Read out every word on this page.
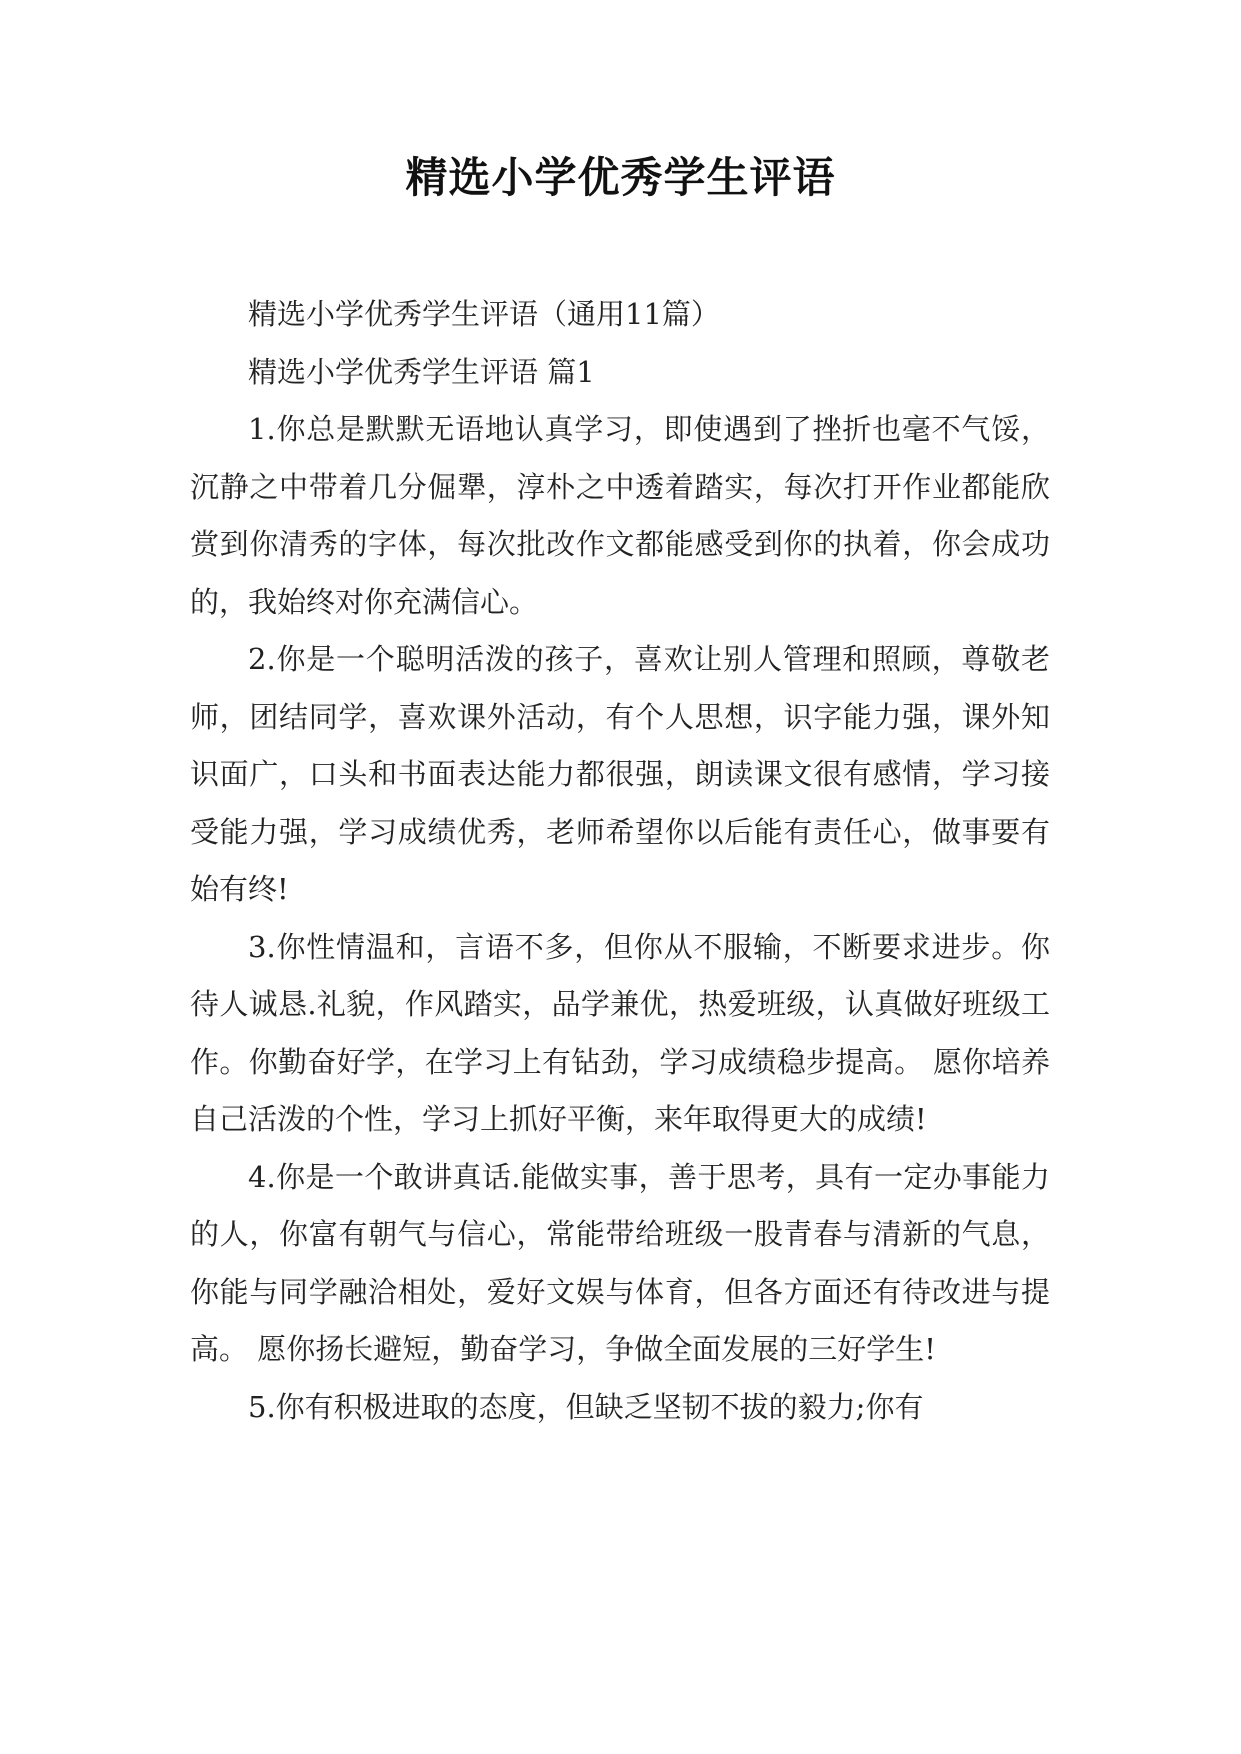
精选小学优秀学生评语

精选小学优秀学生评语（通用11篇）

精选小学优秀学生评语 篇1

1.你总是默默无语地认真学习，即使遇到了挫折也毫不气馁，沉静之中带着几分倔犟，淳朴之中透着踏实，每次打开作业都能欣赏到你清秀的字体，每次批改作文都能感受到你的执着，你会成功的，我始终对你充满信心。

2.你是一个聪明活泼的孩子，喜欢让别人管理和照顾，尊敬老师，团结同学，喜欢课外活动，有个人思想，识字能力强，课外知识面广，口头和书面表达能力都很强，朗读课文很有感情，学习接受能力强，学习成绩优秀，老师希望你以后能有责任心，做事要有始有终!

3.你性情温和，言语不多，但你从不服输，不断要求进步。你待人诚恳.礼貌，作风踏实，品学兼优，热爱班级，认真做好班级工作。你勤奋好学，在学习上有钻劲，学习成绩稳步提高。 愿你培养自己活泼的个性，学习上抓好平衡，来年取得更大的成绩!

4.你是一个敢讲真话.能做实事，善于思考，具有一定办事能力的人，你富有朝气与信心，常能带给班级一股青春与清新的气息，你能与同学融洽相处，爱好文娱与体育，但各方面还有待改进与提高。 愿你扬长避短，勤奋学习，争做全面发展的三好学生!

5.你有积极进取的态度，但缺乏坚韧不拔的毅力;你有
